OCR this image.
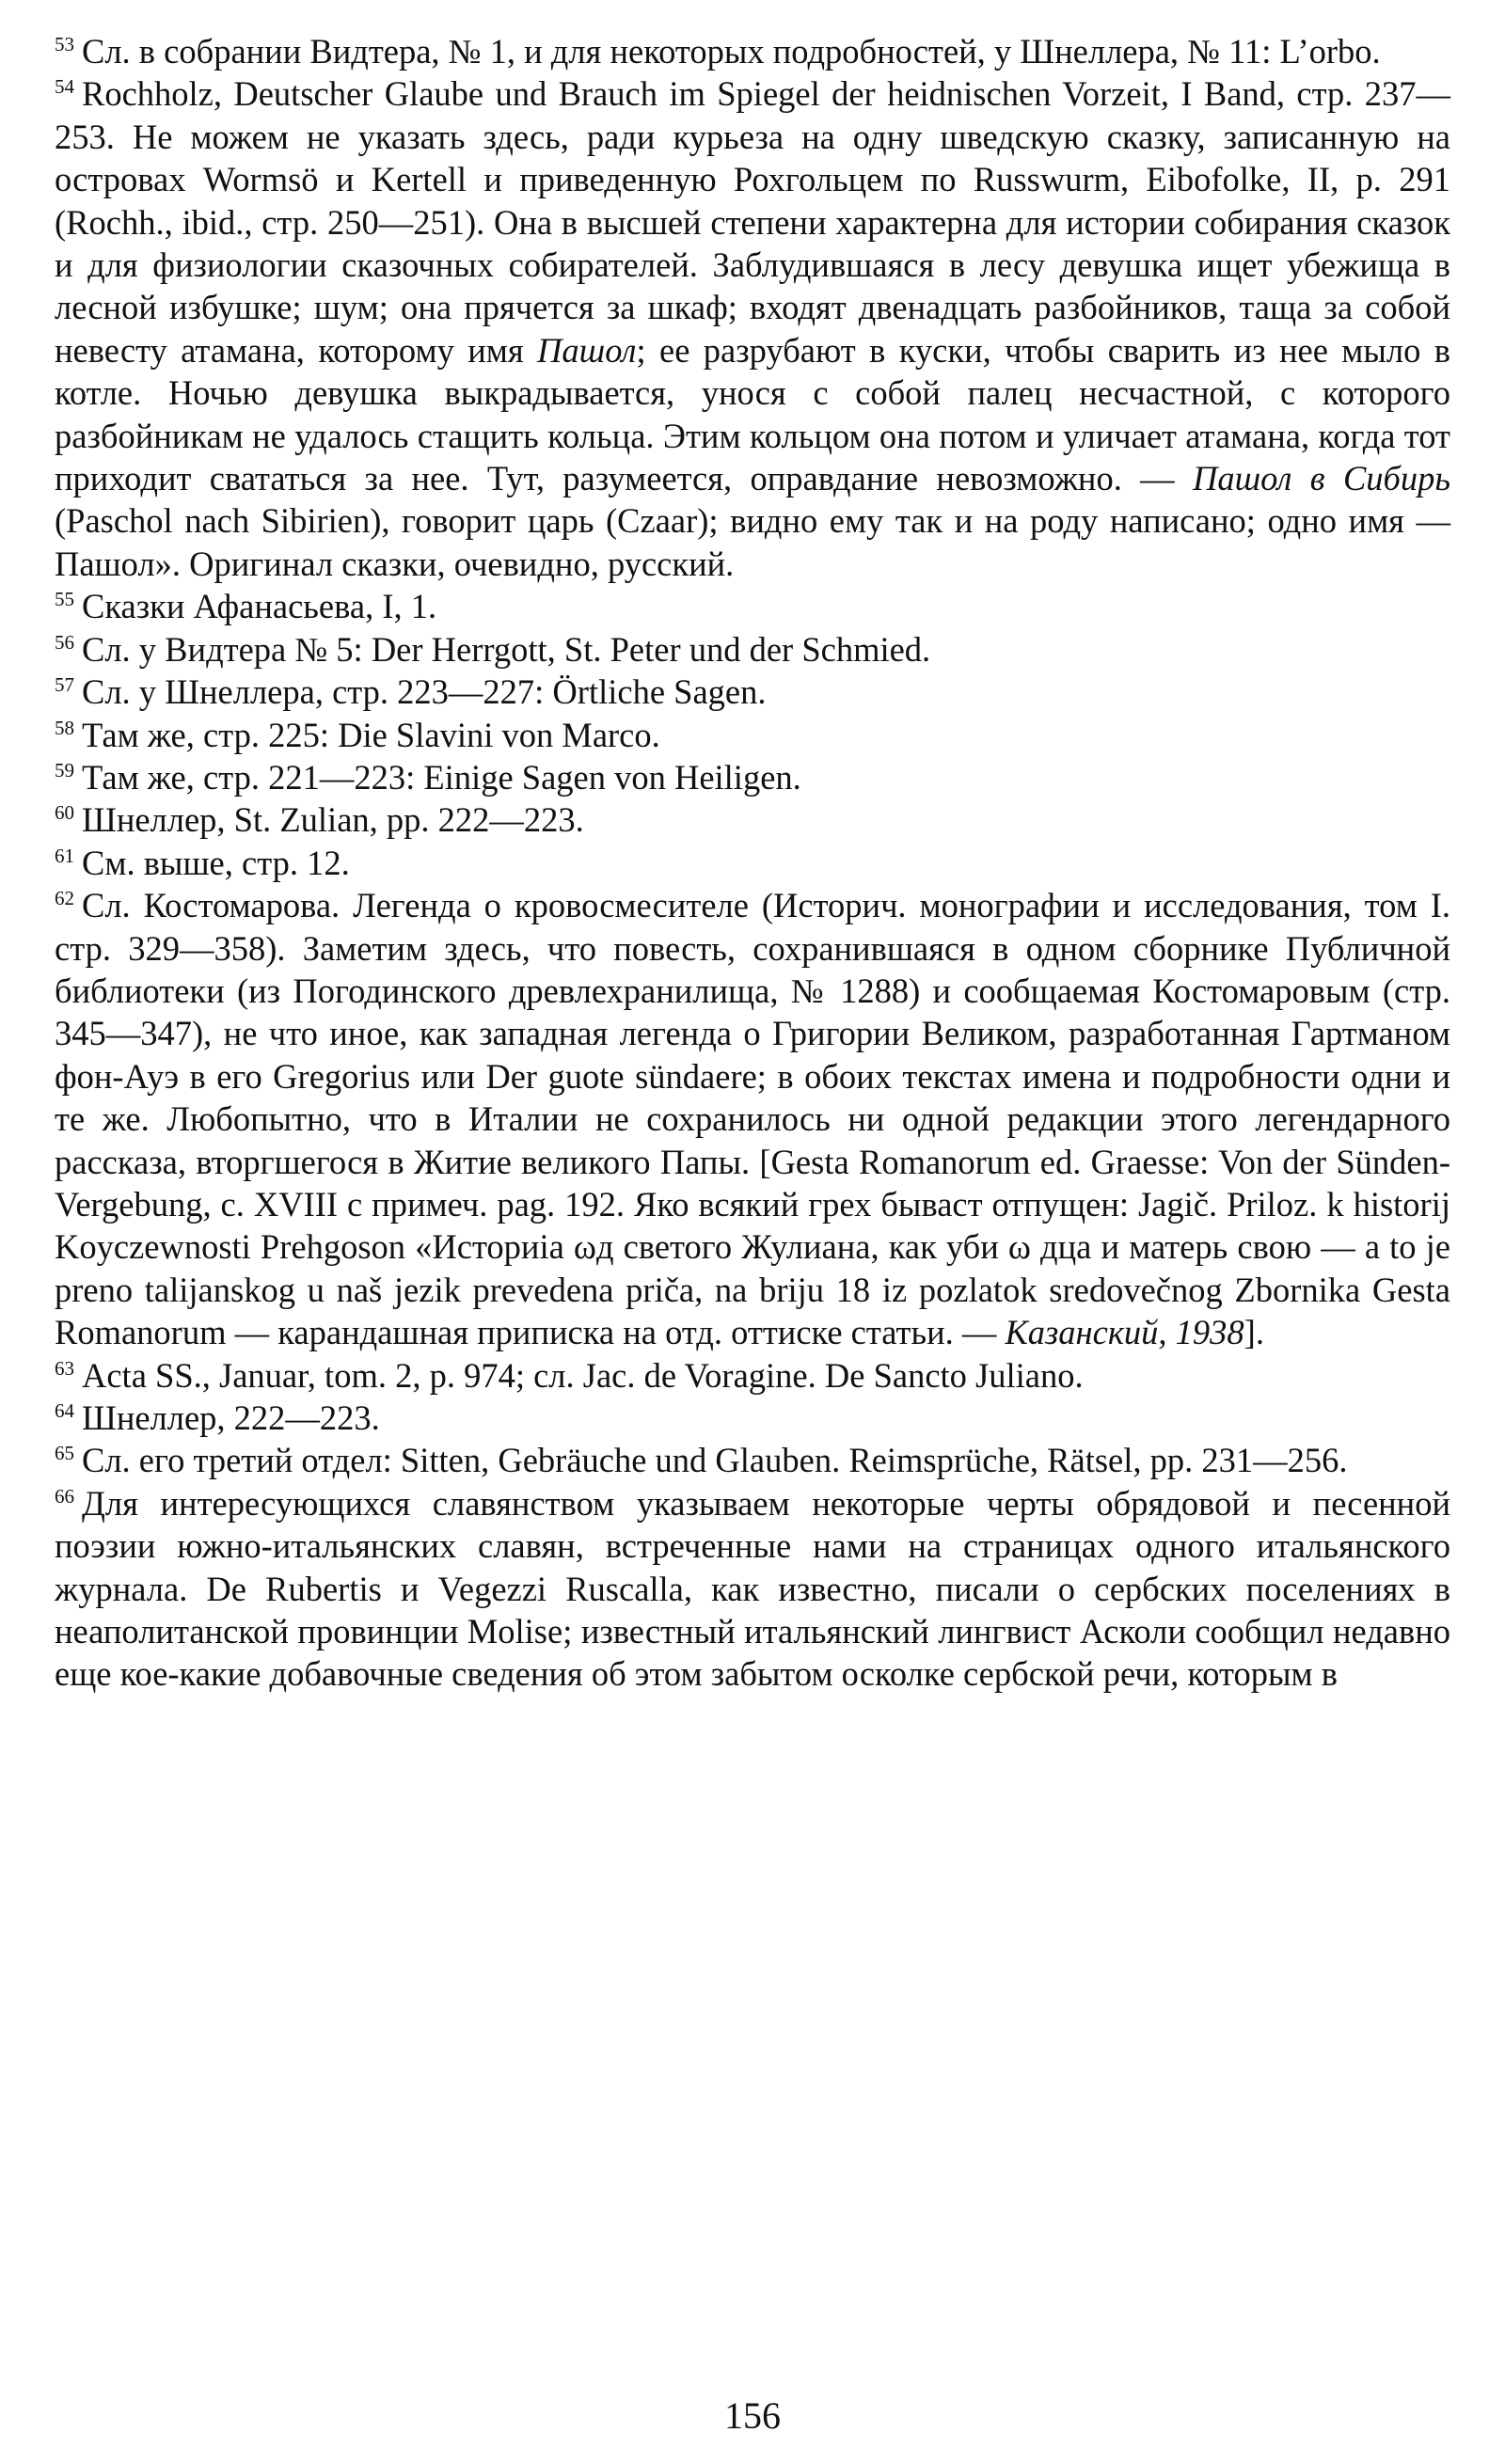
$^{53}$ Сл. в собрании Видтера, № 1, и для некоторых подробностей, у Шнеллера, № 11: L’orbo.

$^{54}$ Rochholz, Deutscher Glaube und Brauch im Spiegel der heidnischen Vorzeit, I Band, стр. 237—253. Не можем не указать здесь, ради курьеза на одну шведскую сказку, записанную на островах Wormsö и Kertell и приведенную Рохгольцем по Russwurm, Eibofolke, II, p. 291 (Rochh., ibid., стр. 250—251). Она в высшей степени характерна для истории собирания сказок и для физиологии сказочных собирателей. Заблудившаяся в лесу девушка ищет убежища в лесной избушке; шум; она прячется за шкаф; входят двенадцать разбойников, таща за собой невесту атамана, которому имя Пашол; ее разрубают в куски, чтобы сварить из нее мыло в котле. Ночью девушка выкрадывается, унося с собой палец несчастной, с которого разбойникам не удалось стащить кольца. Этим кольцом она потом и уличает атамана, когда тот приходит свататься за нее. Тут, разумеется, оправдание невозможно. — Пашол в Сибирь (Paschol nach Sibirien), говорит царь (Czaar); видно ему так и на роду написано; одно имя — Пашол». Оригинал сказки, очевидно, русский.

$^{55}$ Сказки Афанасьева, I, 1.

$^{56}$ Сл. у Видтера № 5: Der Herrgott, St. Peter und der Schmied.

$^{57}$ Сл. у Шнеллера, стр. 223—227: Örtliche Sagen.

$^{58}$ Там же, стр. 225: Die Slavini von Marco.

$^{59}$ Там же, стр. 221—223: Einige Sagen von Heiligen.

$^{60}$ Шнеллер, St. Zulian, pp. 222—223.

$^{61}$ См. выше, стр. 12.

$^{62}$ Сл. Костомарова. Легенда о кровосмесителе (Историч. монографии и исследования, том I. стр. 329—358). Заметим здесь, что повесть, сохранившаяся в одном сборнике Публичной библиотеки (из Погодинского древлехранилища, № 1288) и сообщаемая Костомаровым (стр. 345—347), не что иное, как западная легенда о Григории Великом, разработанная Гартманом фон-Ауэ в его Gregorius или Der guote sündaere; в обоих текстах имена и подробности одни и те же. Любопытно, что в Италии не сохранилось ни одной редакции этого легендарного рассказа, вторгшегося в Житие великого Папы. [Gesta Romanorum ed. Graesse: Von der Sünden-Vergebung, c. XVIII с примеч. pag. 192. Яко всякий грех бываст отпущен: Jagič. Priloz. k historij Koyczewnosti Prehgoson «Историiа ωд светого Жулиана, как уби ω дца и матерь свою — a to je preno talijanskog u naš jezik prevedena priča, na briju 18 iz pozlatok sredovečnog Zbornika Gesta Romanorum — карандашная приписка на отд. оттиске статьи. — Казанский, 1938].

$^{63}$ Acta SS., Januar, tom. 2, p. 974; сл. Jac. de Voragine. De Sancto Juliano.

$^{64}$ Шнеллер, 222—223.

$^{65}$ Сл. его третий отдел: Sitten, Gebräuche und Glauben. Reimsprüche, Rätsel, pp. 231—256.

$^{66}$ Для интересующихся славянством указываем некоторые черты обрядовой и песенной поэзии южно-итальянских славян, встреченные нами на страницах одного итальянского журнала. De Rubertis и Vegezzi Ruscalla, как известно, писали о сербских поселениях в неаполитанской провинции Molise; известный итальянский лингвист Асколи сообщил недавно еще кое-какие добавочные сведения об этом забытом осколке сербской речи, которым в

156
